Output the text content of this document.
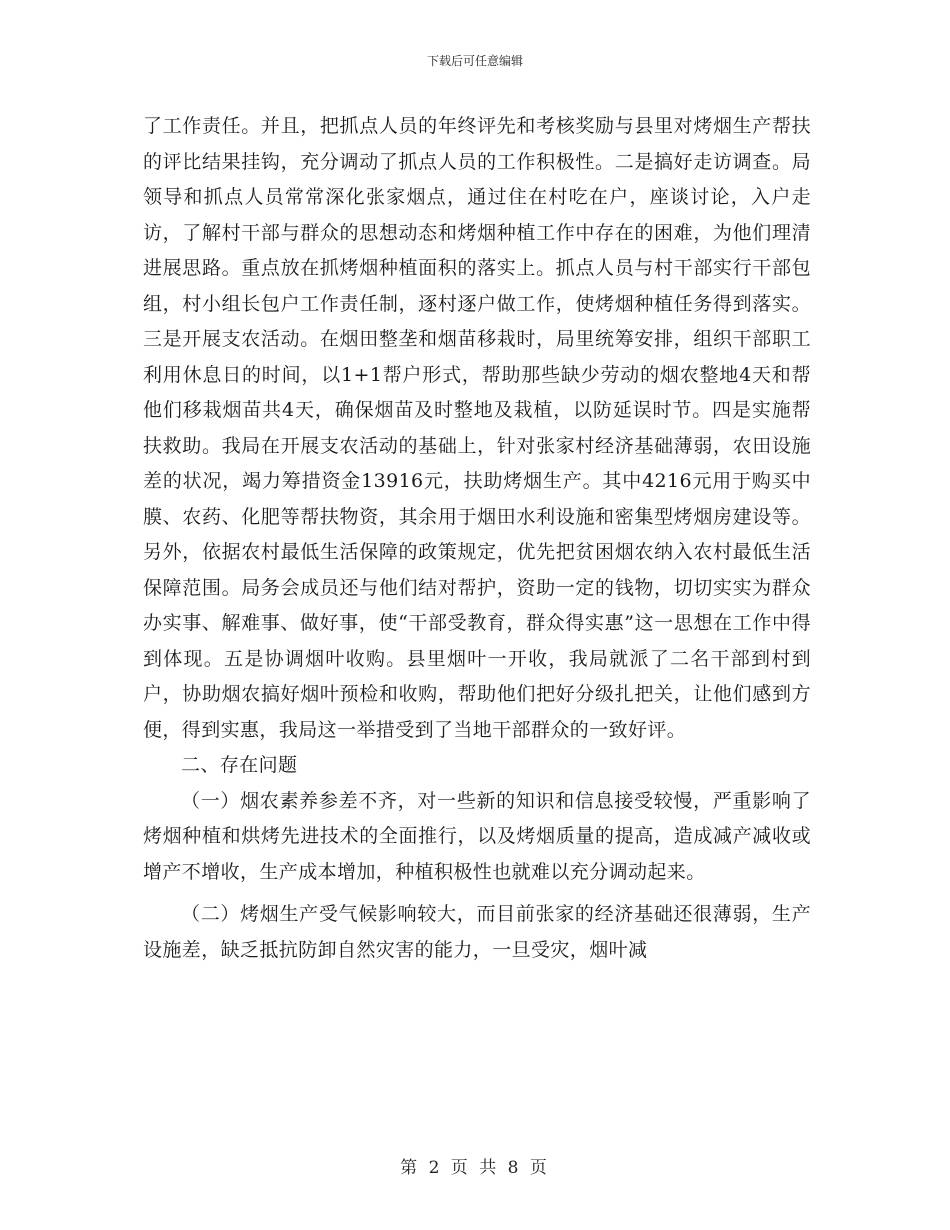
下载后可任意编辑

了工作责任。并且，把抓点人员的年终评先和考核奖励与县里对烤烟生产帮扶的评比结果挂钩，充分调动了抓点人员的工作积极性。二是搞好走访调查。局领导和抓点人员常常深化张家烟点，通过住在村吃在户，座谈讨论，入户走访，了解村干部与群众的思想动态和烤烟种植工作中存在的困难，为他们理清进展思路。重点放在抓烤烟种植面积的落实上。抓点人员与村干部实行干部包组，村小组长包户工作责任制，逐村逐户做工作，使烤烟种植任务得到落实。三是开展支农活动。在烟田整垄和烟苗移栽时，局里统筹安排，组织干部职工利用休息日的时间，以1+1帮户形式，帮助那些缺少劳动的烟农整地4天和帮他们移栽烟苗共4天，确保烟苗及时整地及栽植，以防延误时节。四是实施帮扶救助。我局在开展支农活动的基础上，针对张家村经济基础薄弱，农田设施差的状况，竭力筹措资金13916元，扶助烤烟生产。其中4216元用于购买中膜、农药、化肥等帮扶物资，其余用于烟田水利设施和密集型烤烟房建设等。另外，依据农村最低生活保障的政策规定，优先把贫困烟农纳入农村最低生活保障范围。局务会成员还与他们结对帮护，资助一定的钱物，切切实实为群众办实事、解难事、做好事，使“干部受教育，群众得实惠”这一思想在工作中得到体现。五是协调烟叶收购。县里烟叶一开收，我局就派了二名干部到村到户，协助烟农搞好烟叶预检和收购，帮助他们把好分级扎把关，让他们感到方便，得到实惠，我局这一举措受到了当地干部群众的一致好评。

二、存在问题

（一）烟农素养参差不齐，对一些新的知识和信息接受较慢，严重影响了烤烟种植和烘烤先进技术的全面推行，以及烤烟质量的提高，造成减产减收或增产不增收，生产成本增加，种植积极性也就难以充分调动起来。

（二）烤烟生产受气候影响较大，而目前张家的经济基础还很薄弱，生产设施差，缺乏抵抗防卸自然灾害的能力，一旦受灾，烟叶减

第 2 页 共 8 页
